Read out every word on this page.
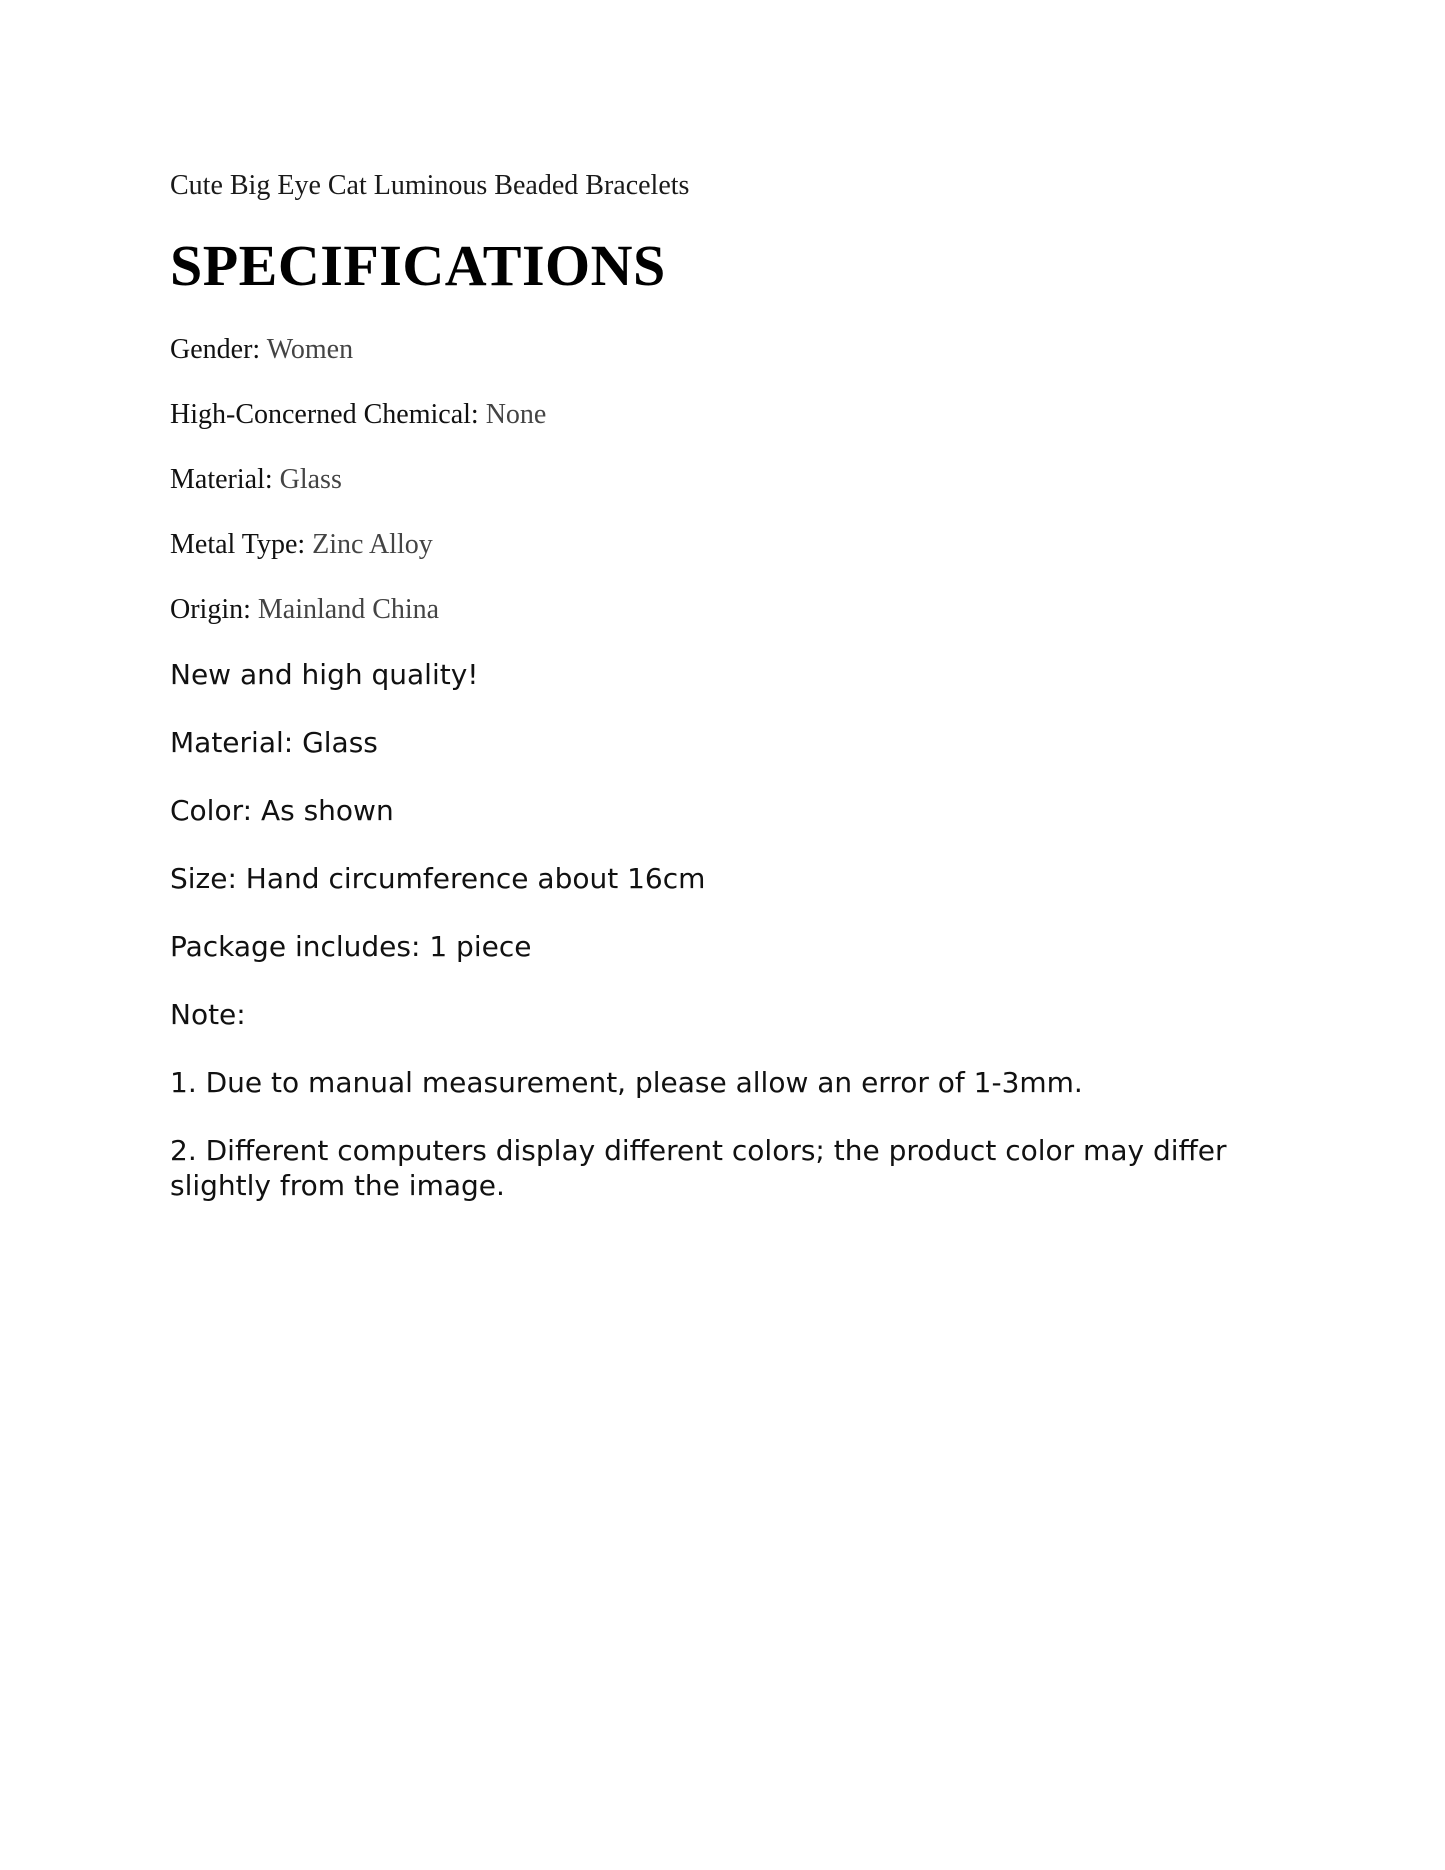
Cute Big Eye Cat Luminous Beaded Bracelets

SPECIFICATIONS

Gender: Women

High-Concerned Chemical: None

Material: Glass

Metal Type: Zinc Alloy

Origin: Mainland China

New and high quality!

Material: Glass

Color: As shown

Size: Hand circumference about 16cm

Package includes: 1 piece

Note:

1. Due to manual measurement, please allow an error of 1-3mm.

2. Different computers display different colors; the product color may differ slightly from the image.
